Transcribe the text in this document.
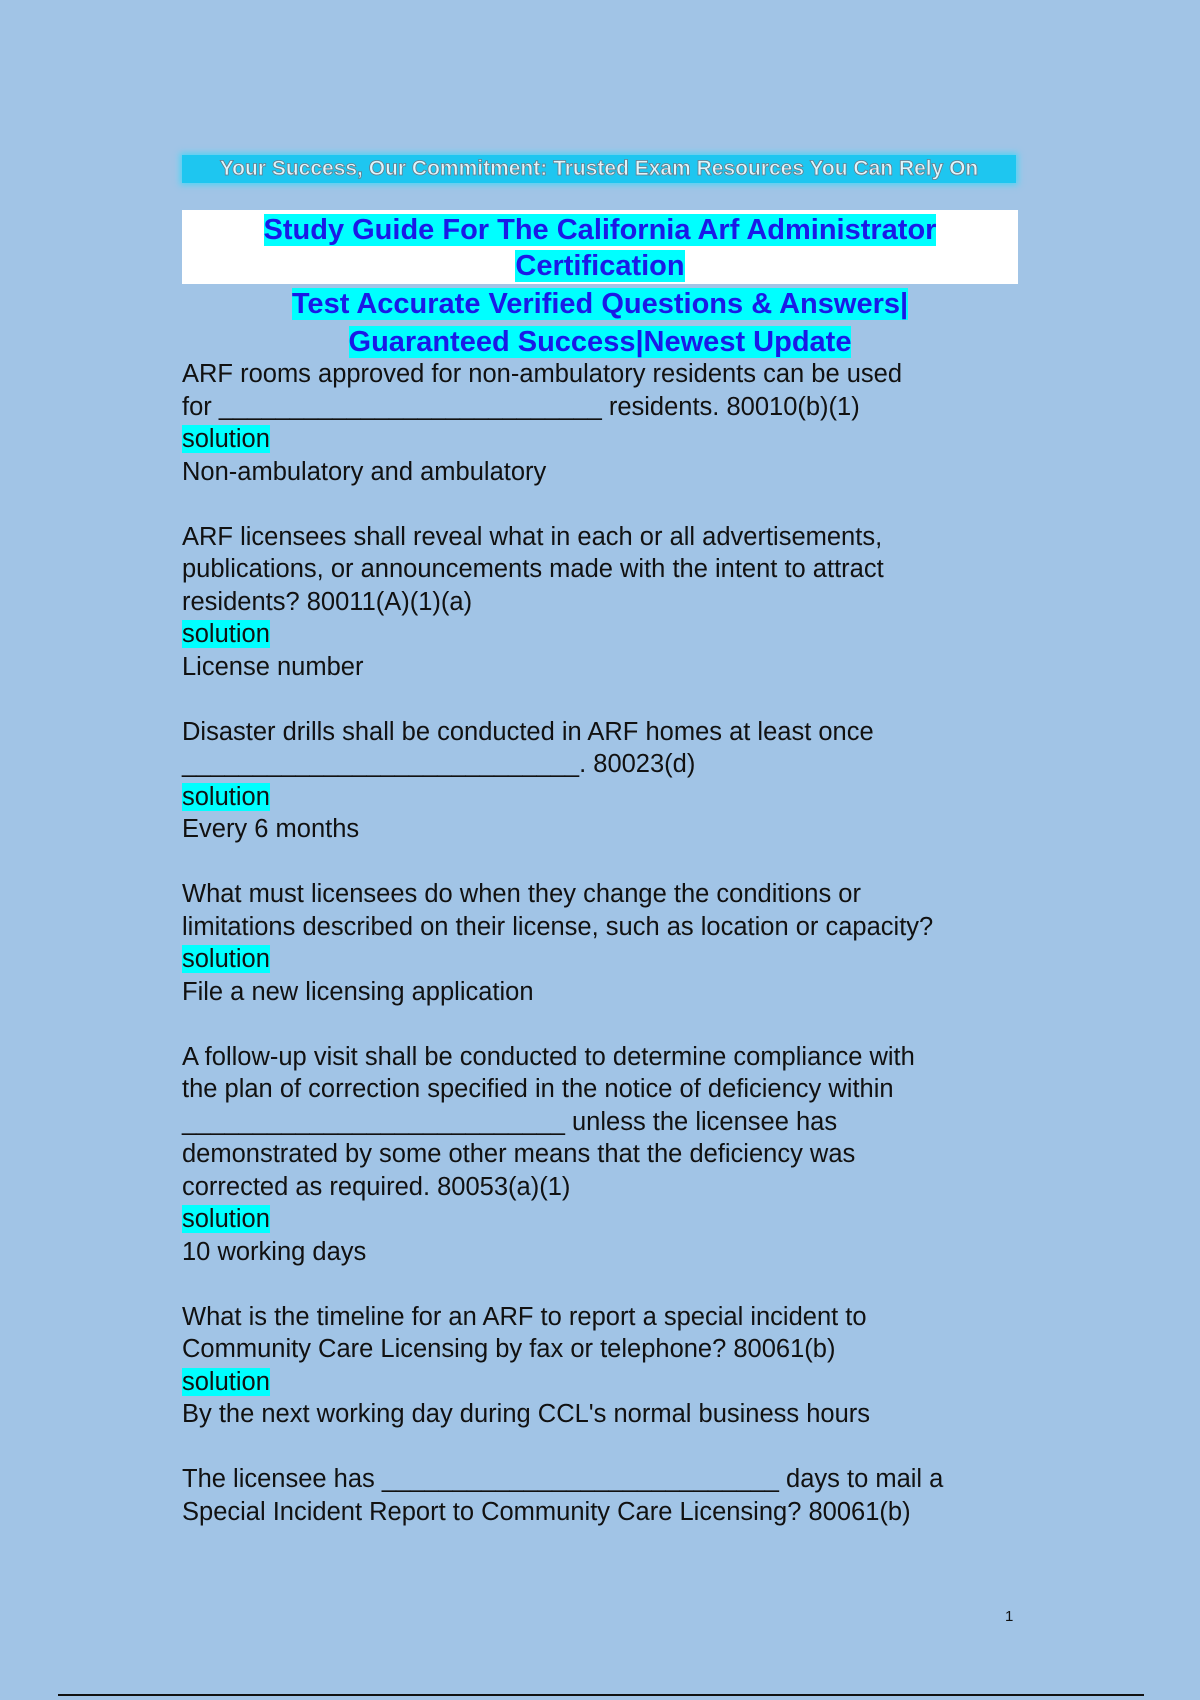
Your Success, Our Commitment: Trusted Exam Resources You Can Rely On
Study Guide For The California Arf Administrator
Certification
Test Accurate Verified Questions & Answers|
Guaranteed Success|Newest Update

ARF rooms approved for non-ambulatory residents can be used

for ___________________________ residents. 80010(b)(1)

solution

Non-ambulatory and ambulatory

ARF licensees shall reveal what in each or all advertisements,

publications, or announcements made with the intent to attract

residents? 80011(A)(1)(a)

solution

License number

Disaster drills shall be conducted in ARF homes at least once

____________________________. 80023(d)

solution

Every 6 months

What must licensees do when they change the conditions or

limitations described on their license, such as location or capacity?

solution

File a new licensing application

A follow-up visit shall be conducted to determine compliance with

the plan of correction specified in the notice of deficiency within

___________________________ unless the licensee has

demonstrated by some other means that the deficiency was

corrected as required. 80053(a)(1)

solution

10 working days

What is the timeline for an ARF to report a special incident to

Community Care Licensing by fax or telephone? 80061(b)

solution

By the next working day during CCL's normal business hours

The licensee has ____________________________ days to mail a

Special Incident Report to Community Care Licensing? 80061(b)

1
